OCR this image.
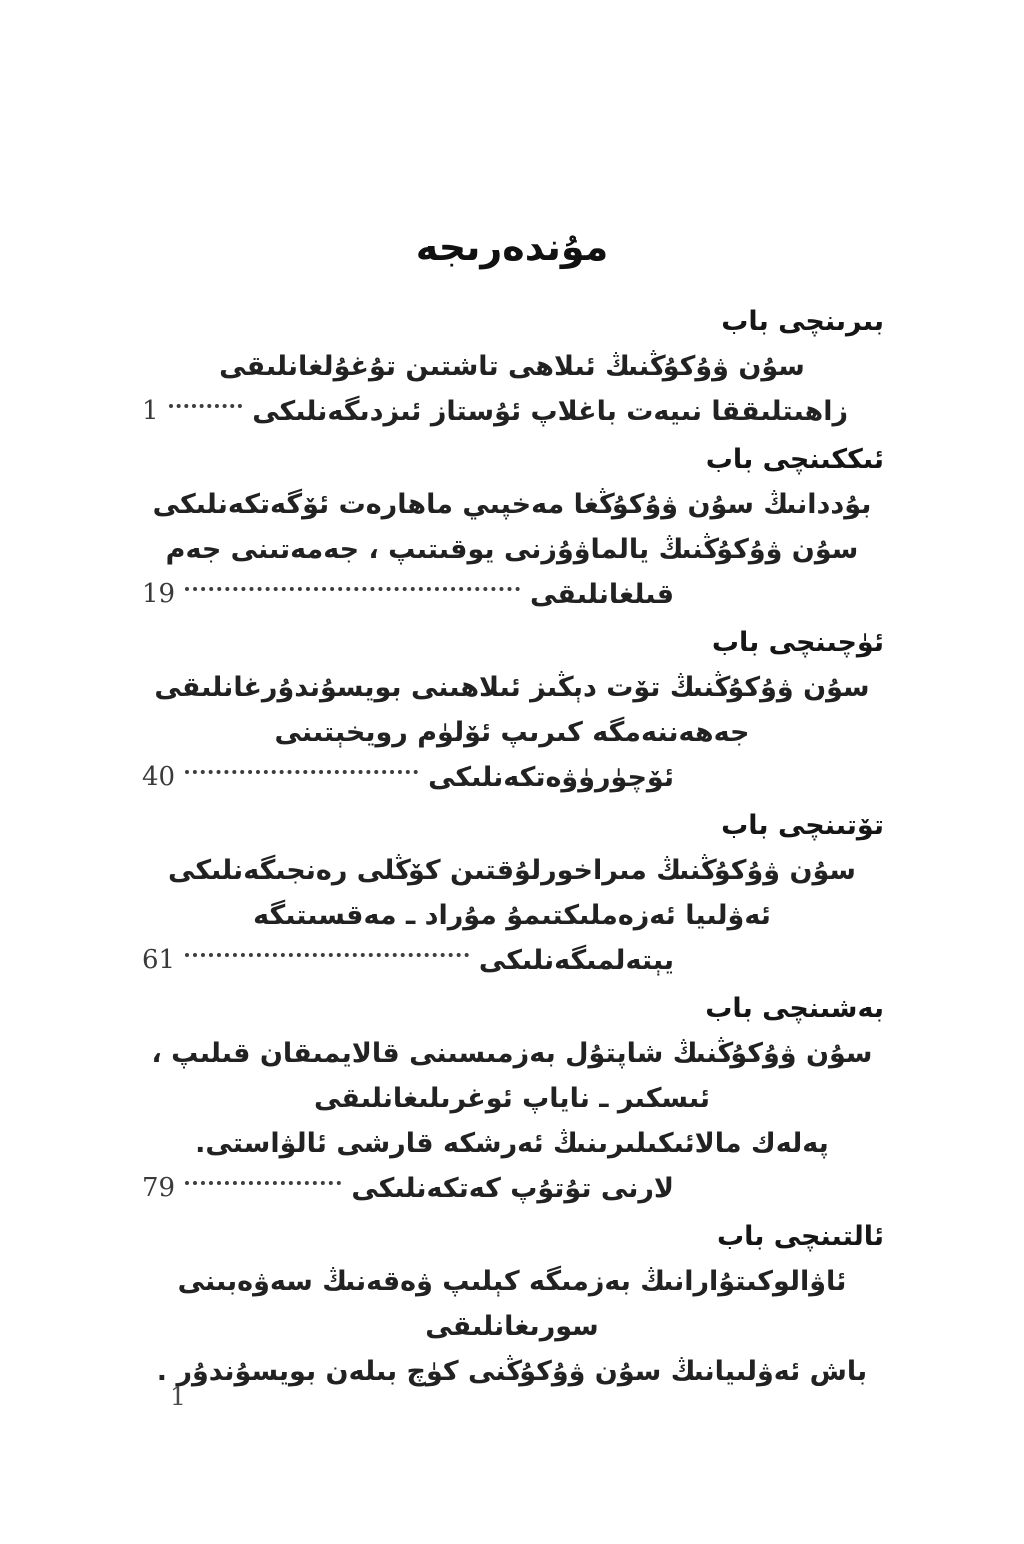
مۇندەرىجە
بىرىنچى باب
سۇن ۋۇكۇڭنىڭ ئىلاھى تاشتىن تۇغۇلغانلىقى
زاھىتلىققا نىيەت باغلاپ ئۇستاز ئىزدىگەنلىكى
1
ئىككىنچى باب
بۇددانىڭ سۇن ۋۇكۇڭغا مەخپىي ماھارەت ئۆگەتكەنلىكى
سۇن ۋۇكۇڭنىڭ يالماۋۇزنى يوقىتىپ ، جەمەتىنى جەم
قىلغانلىقى
19
ئۈچىنچى باب
سۇن ۋۇكۇڭنىڭ تۆت دېڭىز ئىلاھىنى بويسۇندۇرغانلىقى
جەھەننەمگە كىرىپ ئۆلۈم رويخېتىنى
ئۆچۈرۈۋەتكەنلىكى
40
تۆتىنچى باب
سۇن ۋۇكۇڭنىڭ مىراخورلۇقتىن كۆڭلى رەنجىگەنلىكى
ئەۋلىيا ئەزەملىكتىمۇ مۇراد ـ مەقسىتىگە
يېتەلمىگەنلىكى
61
بەشىنچى باب
سۇن ۋۇكۇڭنىڭ شاپتۇل بەزمىسىنى قالايمىقان قىلىپ ،
ئىسكىر ـ ناياپ ئوغرىلىغانلىقى
پەلەك مالائىكىلىرىنىڭ ئەرشكە قارشى ئالۋاستى.
لارنى تۇتۇپ كەتكەنلىكى
79
ئالتىنچى باب
ئاۋالوكىتۇارانىڭ بەزمىگە كېلىپ ۋەقەنىڭ سەۋەبىنى
سورىغانلىقى
باش ئەۋلىيانىڭ سۇن ۋۇكۇڭنى كۈچ بىلەن بويسۇندۇر .
1
